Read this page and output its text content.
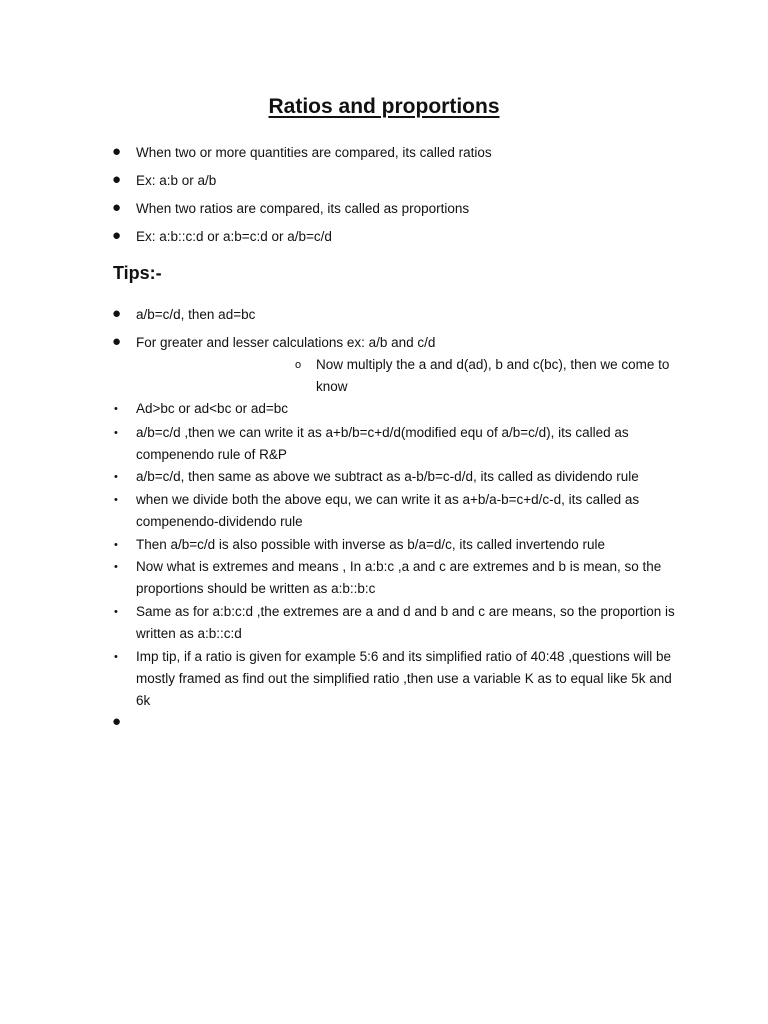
Ratios and proportions
● When two or more quantities are compared, its called ratios
● Ex: a:b or a/b
● When two ratios are compared, its called as proportions
● Ex: a:b::c:d or a:b=c:d or a/b=c/d
Tips:-
● a/b=c/d, then ad=bc
● For greater and lesser calculations ex: a/b and c/d
o Now multiply the a and d(ad), b and c(bc), then we come to know
• Ad>bc or ad<bc or ad=bc
• a/b=c/d ,then we can write it as a+b/b=c+d/d(modified equ of a/b=c/d), its called as compenendo rule of R&P
• a/b=c/d, then same as above we subtract as a-b/b=c-d/d, its called as dividendo rule
• when we divide both the above equ, we can write it as a+b/a-b=c+d/c-d, its called as compenendo-dividendo rule
• Then a/b=c/d is also possible with inverse as b/a=d/c, its called invertendo rule
• Now what is extremes and means , In a:b:c ,a and c are extremes and b is mean, so the proportions should be written as a:b::b:c
• Same as for a:b:c:d ,the extremes are a and d and b and c are means, so the proportion is written as a:b::c:d
• Imp tip, if a ratio is given for example 5:6 and its simplified ratio of 40:48 ,questions will be mostly framed as find out the simplified ratio ,then use a variable K as to equal like 5k and 6k
●
